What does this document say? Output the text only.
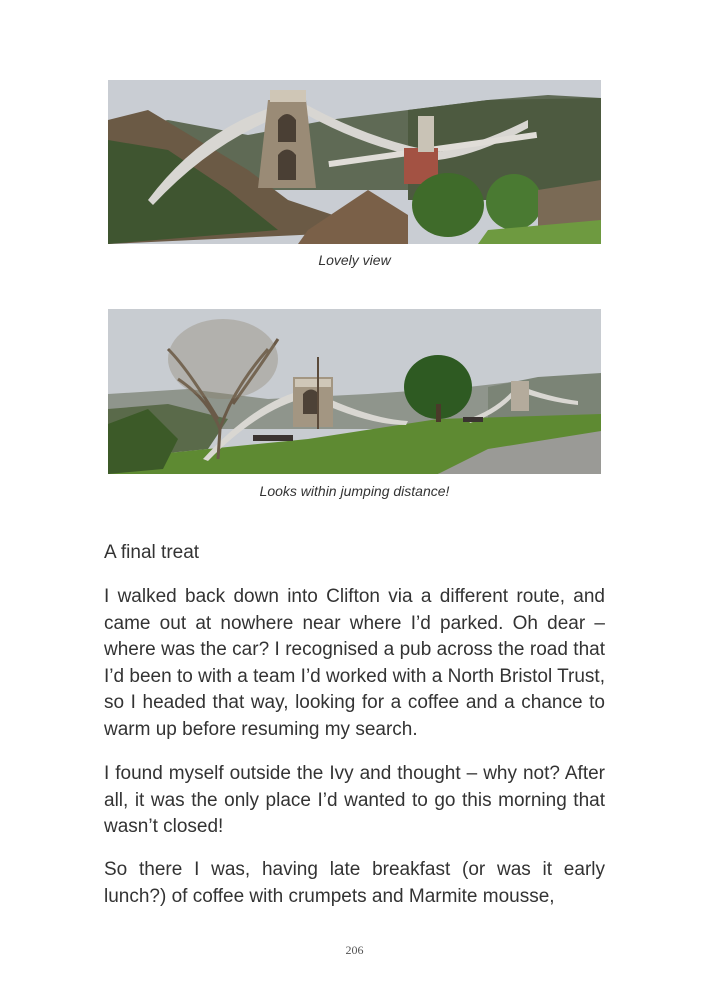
Lovely view
Looks within jumping distance!
A final treat

I walked back down into Clifton via a different route, and came out at nowhere near where I’d parked. Oh dear – where was the car? I recognised a pub across the road that I’d been to with a team I’d worked with a North Bristol Trust, so I headed that way, looking for a coffee and a chance to warm up before resuming my search.

I found myself outside the Ivy and thought – why not? After all, it was the only place I’d wanted to go this morning that wasn’t closed!

So there I was, having late breakfast (or was it early lunch?) of coffee with crumpets and Marmite mousse,

206
